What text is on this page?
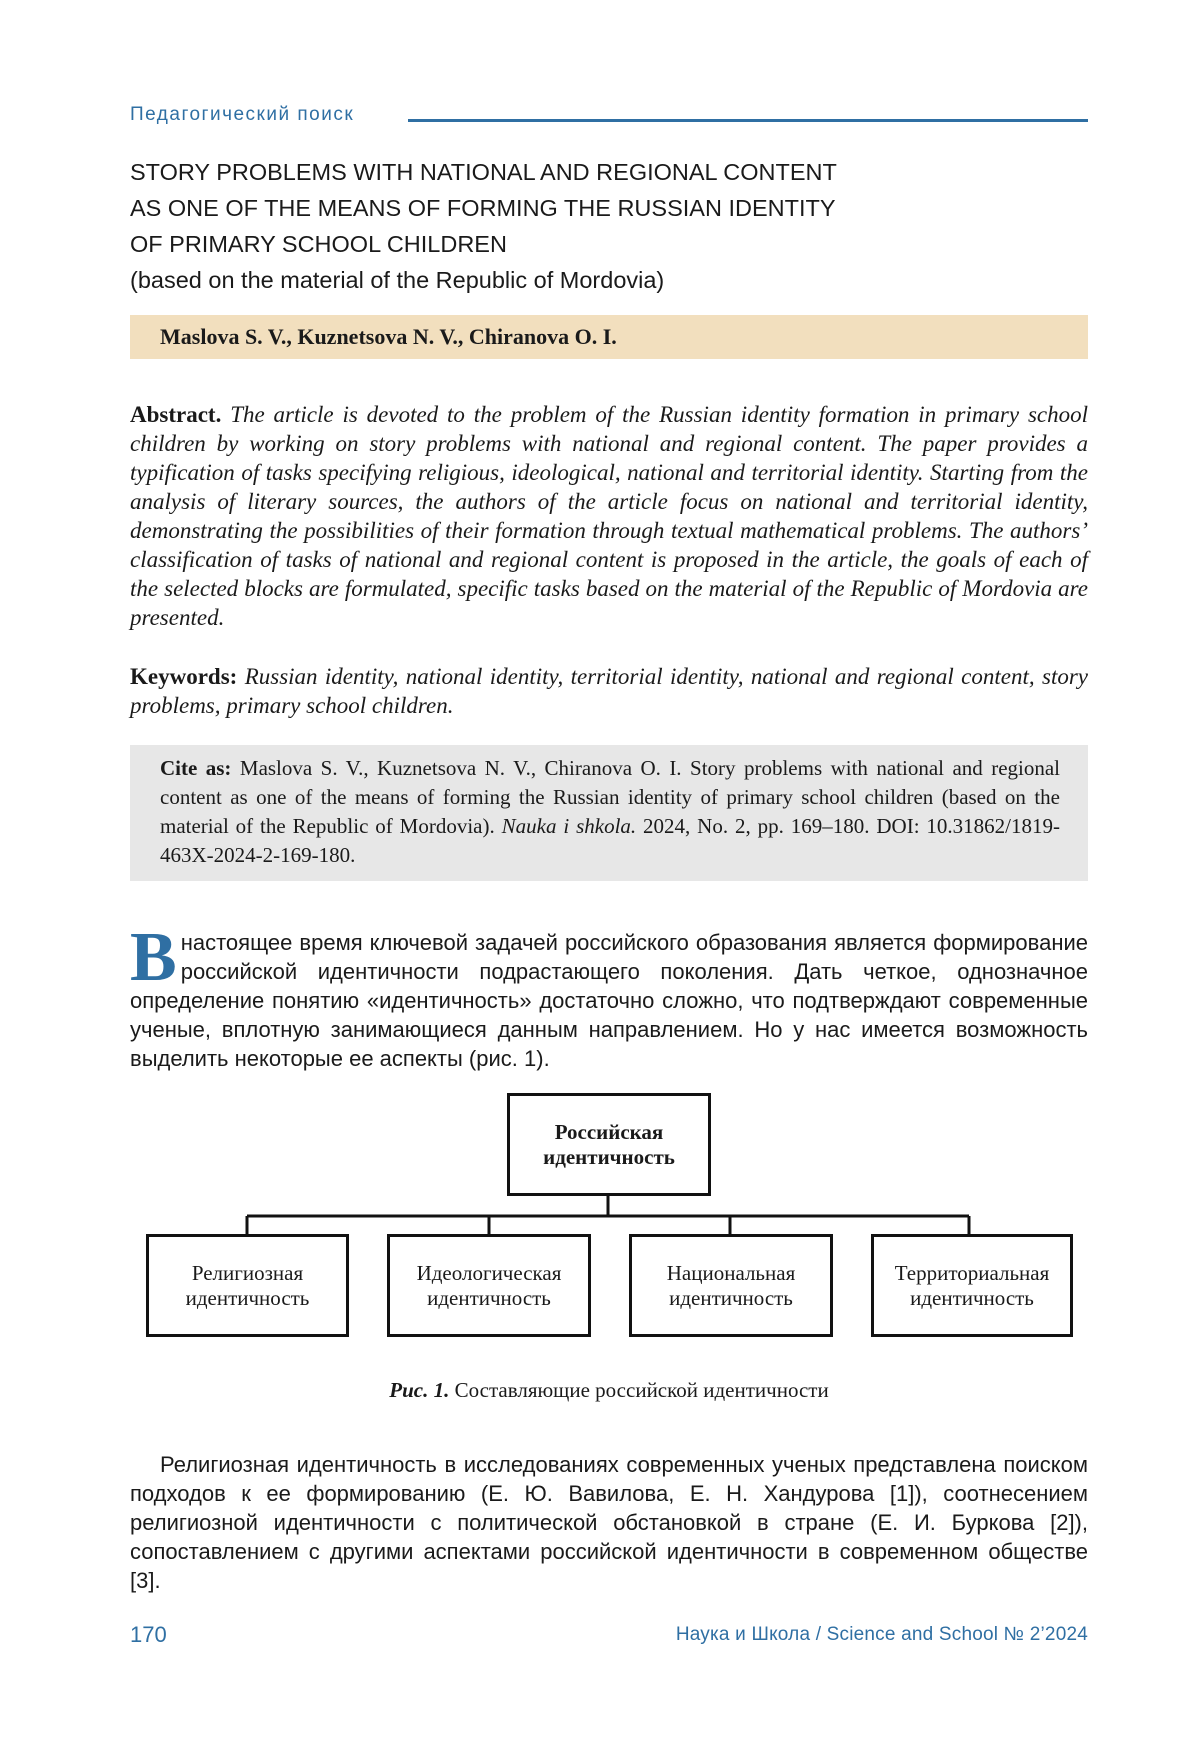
Педагогический поиск
STORY PROBLEMS WITH NATIONAL AND REGIONAL CONTENT
AS ONE OF THE MEANS OF FORMING THE RUSSIAN IDENTITY
OF PRIMARY SCHOOL CHILDREN
(based on the material of the Republic of Mordovia)
Maslova S. V., Kuznetsova N. V., Chiranova O. I.
Abstract. The article is devoted to the problem of the Russian identity formation in primary school children by working on story problems with national and regional content. The paper provides a typification of tasks specifying religious, ideological, national and territorial identity. Starting from the analysis of literary sources, the authors of the article focus on national and territorial identity, demonstrating the possibilities of their formation through textual mathematical problems. The authors’ classification of tasks of national and regional content is proposed in the article, the goals of each of the selected blocks are formulated, specific tasks based on the material of the Republic of Mordovia are presented.
Keywords: Russian identity, national identity, territorial identity, national and regional content, story problems, primary school children.
Cite as: Maslova S. V., Kuznetsova N. V., Chiranova O. I. Story problems with national and regional content as one of the means of forming the Russian identity of primary school children (based on the material of the Republic of Mordovia). Nauka i shkola. 2024, No. 2, pp. 169–180. DOI: 10.31862/1819-463X-2024-2-169-180.
В настоящее время ключевой задачей российского образования является формирование российской идентичности подрастающего поколения. Дать четкое, однозначное определение понятию «идентичность» достаточно сложно, что подтверждают современные ученые, вплотную занимающиеся данным направлением. Но у нас имеется возможность выделить некоторые ее аспекты (рис. 1).
Российская
идентичность
Религиозная
идентичность
Идеологическая
идентичность
Национальная
идентичность
Территориальная
идентичность
Рис. 1. Составляющие российской идентичности
Религиозная идентичность в исследованиях современных ученых представлена поиском подходов к ее формированию (Е. Ю. Вавилова, Е. Н. Хандурова [1]), соотнесением религиозной идентичности с политической обстановкой в стране (Е. И. Буркова [2]), сопоставлением с другими аспектами российской идентичности в современном обществе [3].
170	Наука и Школа / Science and School № 2’2024
